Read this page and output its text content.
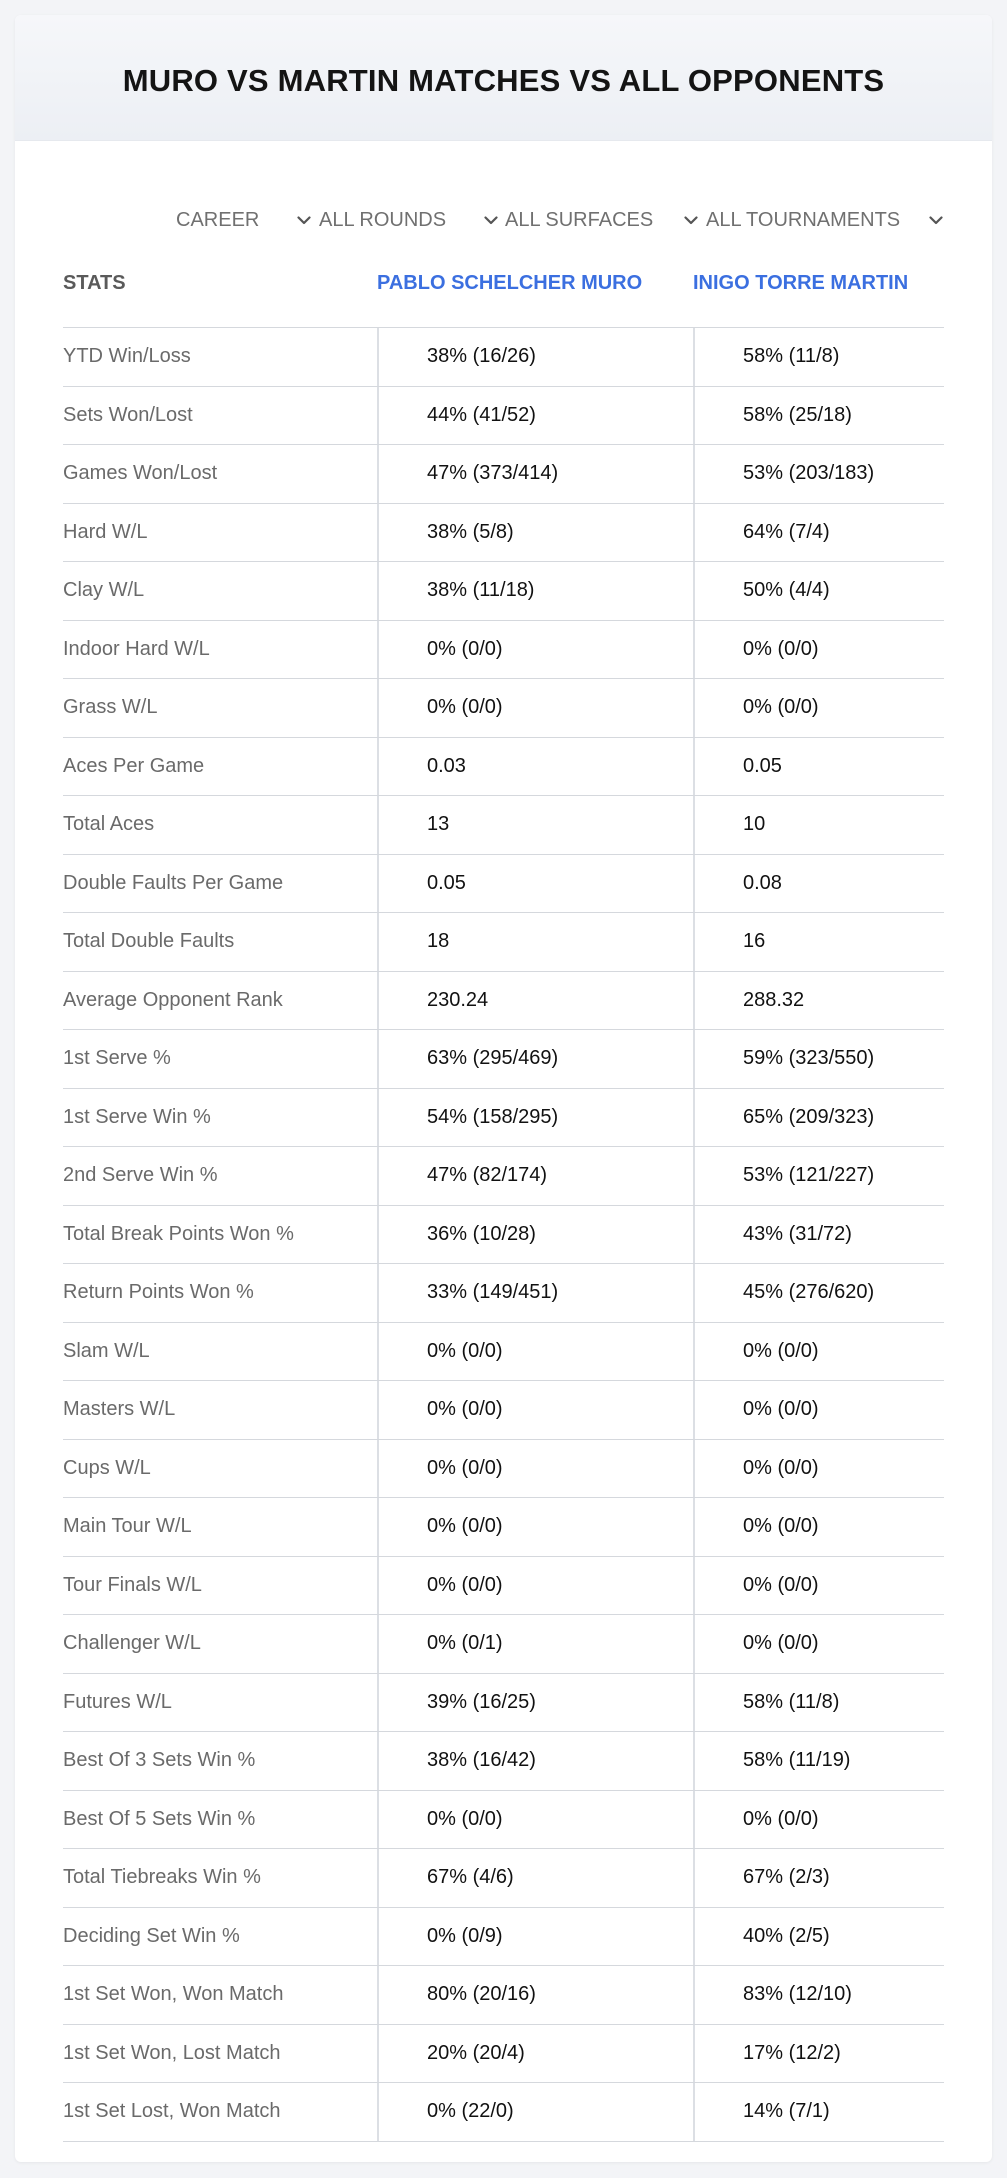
MURO VS MARTIN MATCHES VS ALL OPPONENTS
CAREER	ALL ROUNDS	ALL SURFACES	ALL TOURNAMENTS
STATS	PABLO SCHELCHER MURO	INIGO TORRE MARTIN
YTD Win/Loss	38% (16/26)	58% (11/8)
Sets Won/Lost	44% (41/52)	58% (25/18)
Games Won/Lost	47% (373/414)	53% (203/183)
Hard W/L	38% (5/8)	64% (7/4)
Clay W/L	38% (11/18)	50% (4/4)
Indoor Hard W/L	0% (0/0)	0% (0/0)
Grass W/L	0% (0/0)	0% (0/0)
Aces Per Game	0.03	0.05
Total Aces	13	10
Double Faults Per Game	0.05	0.08
Total Double Faults	18	16
Average Opponent Rank	230.24	288.32
1st Serve %	63% (295/469)	59% (323/550)
1st Serve Win %	54% (158/295)	65% (209/323)
2nd Serve Win %	47% (82/174)	53% (121/227)
Total Break Points Won %	36% (10/28)	43% (31/72)
Return Points Won %	33% (149/451)	45% (276/620)
Slam W/L	0% (0/0)	0% (0/0)
Masters W/L	0% (0/0)	0% (0/0)
Cups W/L	0% (0/0)	0% (0/0)
Main Tour W/L	0% (0/0)	0% (0/0)
Tour Finals W/L	0% (0/0)	0% (0/0)
Challenger W/L	0% (0/1)	0% (0/0)
Futures W/L	39% (16/25)	58% (11/8)
Best Of 3 Sets Win %	38% (16/42)	58% (11/19)
Best Of 5 Sets Win %	0% (0/0)	0% (0/0)
Total Tiebreaks Win %	67% (4/6)	67% (2/3)
Deciding Set Win %	0% (0/9)	40% (2/5)
1st Set Won, Won Match	80% (20/16)	83% (12/10)
1st Set Won, Lost Match	20% (20/4)	17% (12/2)
1st Set Lost, Won Match	0% (22/0)	14% (7/1)
